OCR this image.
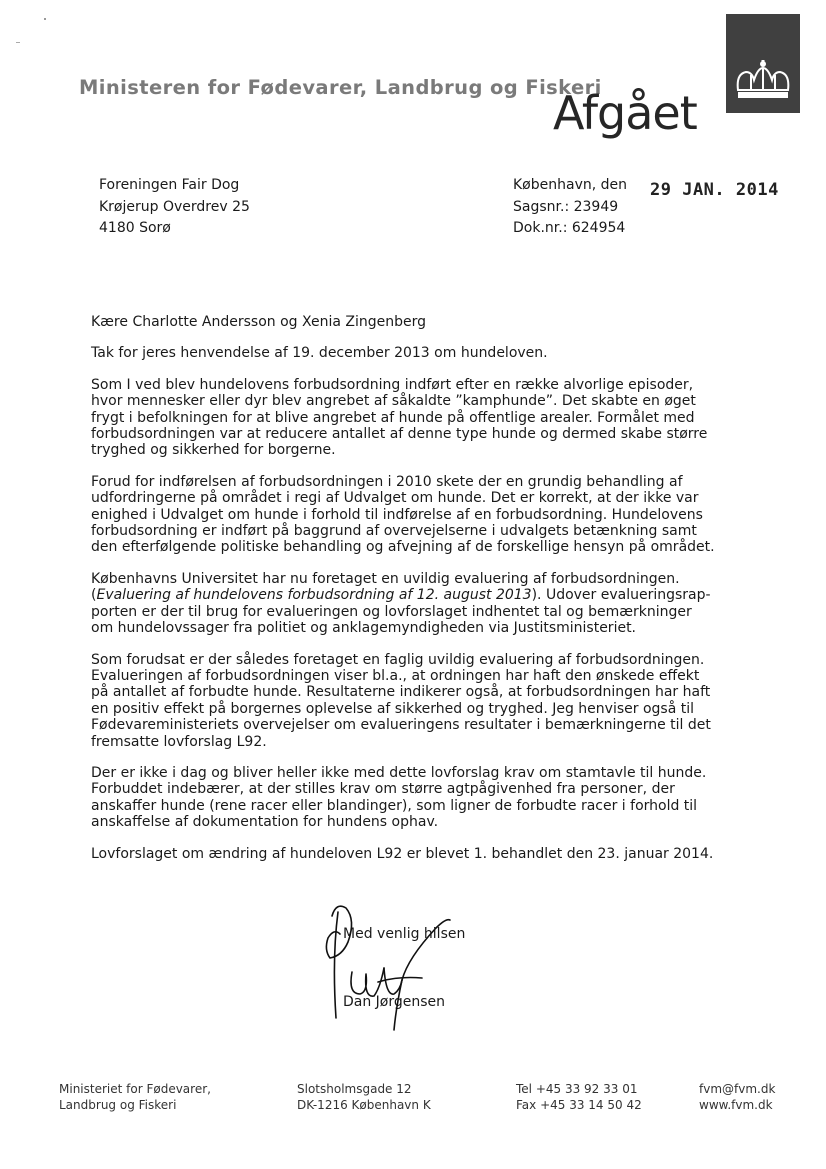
Ministeren for Fødevarer, Landbrug og Fiskeri
Afgået
Foreningen Fair Dog
Krøjerup Overdrev 25
4180 Sorø
København, den
Sagsnr.: 23949
Dok.nr.: 624954
29 JAN. 2014

Kære Charlotte Andersson og Xenia Zingenberg

Tak for jeres henvendelse af 19. december 2013 om hundeloven.

Som I ved blev hundelovens forbudsordning indført efter en række alvorlige episoder,
hvor mennesker eller dyr blev angrebet af såkaldte ”kamphunde”. Det skabte en øget
frygt i befolkningen for at blive angrebet af hunde på offentlige arealer. Formålet med
forbudsordningen var at reducere antallet af denne type hunde og dermed skabe større
tryghed og sikkerhed for borgerne.

Forud for indførelsen af forbudsordningen i 2010 skete der en grundig behandling af
udfordringerne på området i regi af Udvalget om hunde. Det er korrekt, at der ikke var
enighed i Udvalget om hunde i forhold til indførelse af en forbudsordning. Hundelovens
forbudsordning er indført på baggrund af overvejelserne i udvalgets betænkning samt
den efterfølgende politiske behandling og afvejning af de forskellige hensyn på området.

Københavns Universitet har nu foretaget en uvildig evaluering af forbudsordningen.
(Evaluering af hundelovens forbudsordning af 12. august 2013). Udover evalueringsrap-
porten er der til brug for evalueringen og lovforslaget indhentet tal og bemærkninger
om hundelovssager fra politiet og anklagemyndigheden via Justitsministeriet.

Som forudsat er der således foretaget en faglig uvildig evaluering af forbudsordningen.
Evalueringen af forbudsordningen viser bl.a., at ordningen har haft den ønskede effekt
på antallet af forbudte hunde. Resultaterne indikerer også, at forbudsordningen har haft
en positiv effekt på borgernes oplevelse af sikkerhed og tryghed. Jeg henviser også til
Fødevareministeriets overvejelser om evalueringens resultater i bemærkningerne til det
fremsatte lovforslag L92.

Der er ikke i dag og bliver heller ikke med dette lovforslag krav om stamtavle til hunde.
Forbuddet indebærer, at der stilles krav om større agtpågivenhed fra personer, der
anskaffer hunde (rene racer eller blandinger), som ligner de forbudte racer i forhold til
anskaffelse af dokumentation for hundens ophav.

Lovforslaget om ændring af hundeloven L92 er blevet 1. behandlet den 23. januar 2014.

Med venlig hilsen
Dan Jørgensen
Ministeriet for Fødevarer,
Landbrug og Fiskeri
Slotsholmsgade 12
DK-1216 København K
Tel +45 33 92 33 01
Fax +45 33 14 50 42
fvm@fvm.dk
www.fvm.dk
